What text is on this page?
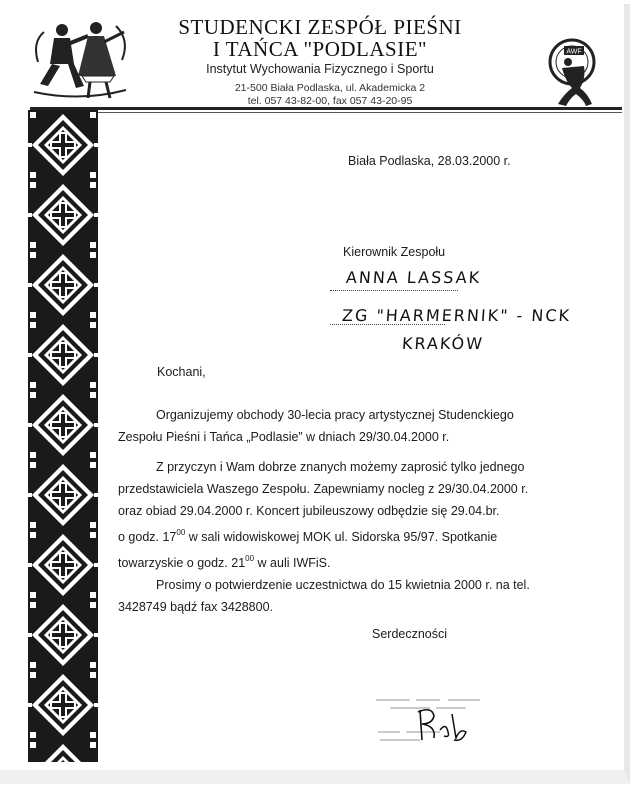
STUDENCKI ZESPÓŁ PIEŚNI
I TAŃCA "PODLASIE"
Instytut Wychowania Fizycznego i Sportu
21-500 Biała Podlaska, ul. Akademicka 2
tel. 057 43-82-00, fax 057 43-20-95
AWF
Biała Podlaska, 28.03.2000 r.
Kierownik Zespołu
ANNA LASSAK
ZG "HARMERNIK" - NCK
KRAKÓW
Kochani,
Organizujemy obchody 30-lecia pracy artystycznej Studenckiego
Zespołu Pieśni i Tańca „Podlasie” w dniach 29/30.04.2000 r.
Z przyczyn i Wam dobrze znanych możemy zaprosić tylko jednego
przedstawiciela Waszego Zespołu. Zapewniamy nocleg z 29/30.04.2000 r.
oraz obiad 29.04.2000 r. Koncert jubileuszowy odbędzie się 29.04.br.
o godz. $17^{00}$ w sali widowiskowej MOK ul. Sidorska 95/97. Spotkanie
towarzyskie o godz. $21^{00}$ w auli IWFiS.
Prosimy o potwierdzenie uczestnictwa do 15 kwietnia 2000 r. na tel.
3428749 bądź fax 3428800.
Serdeczności
